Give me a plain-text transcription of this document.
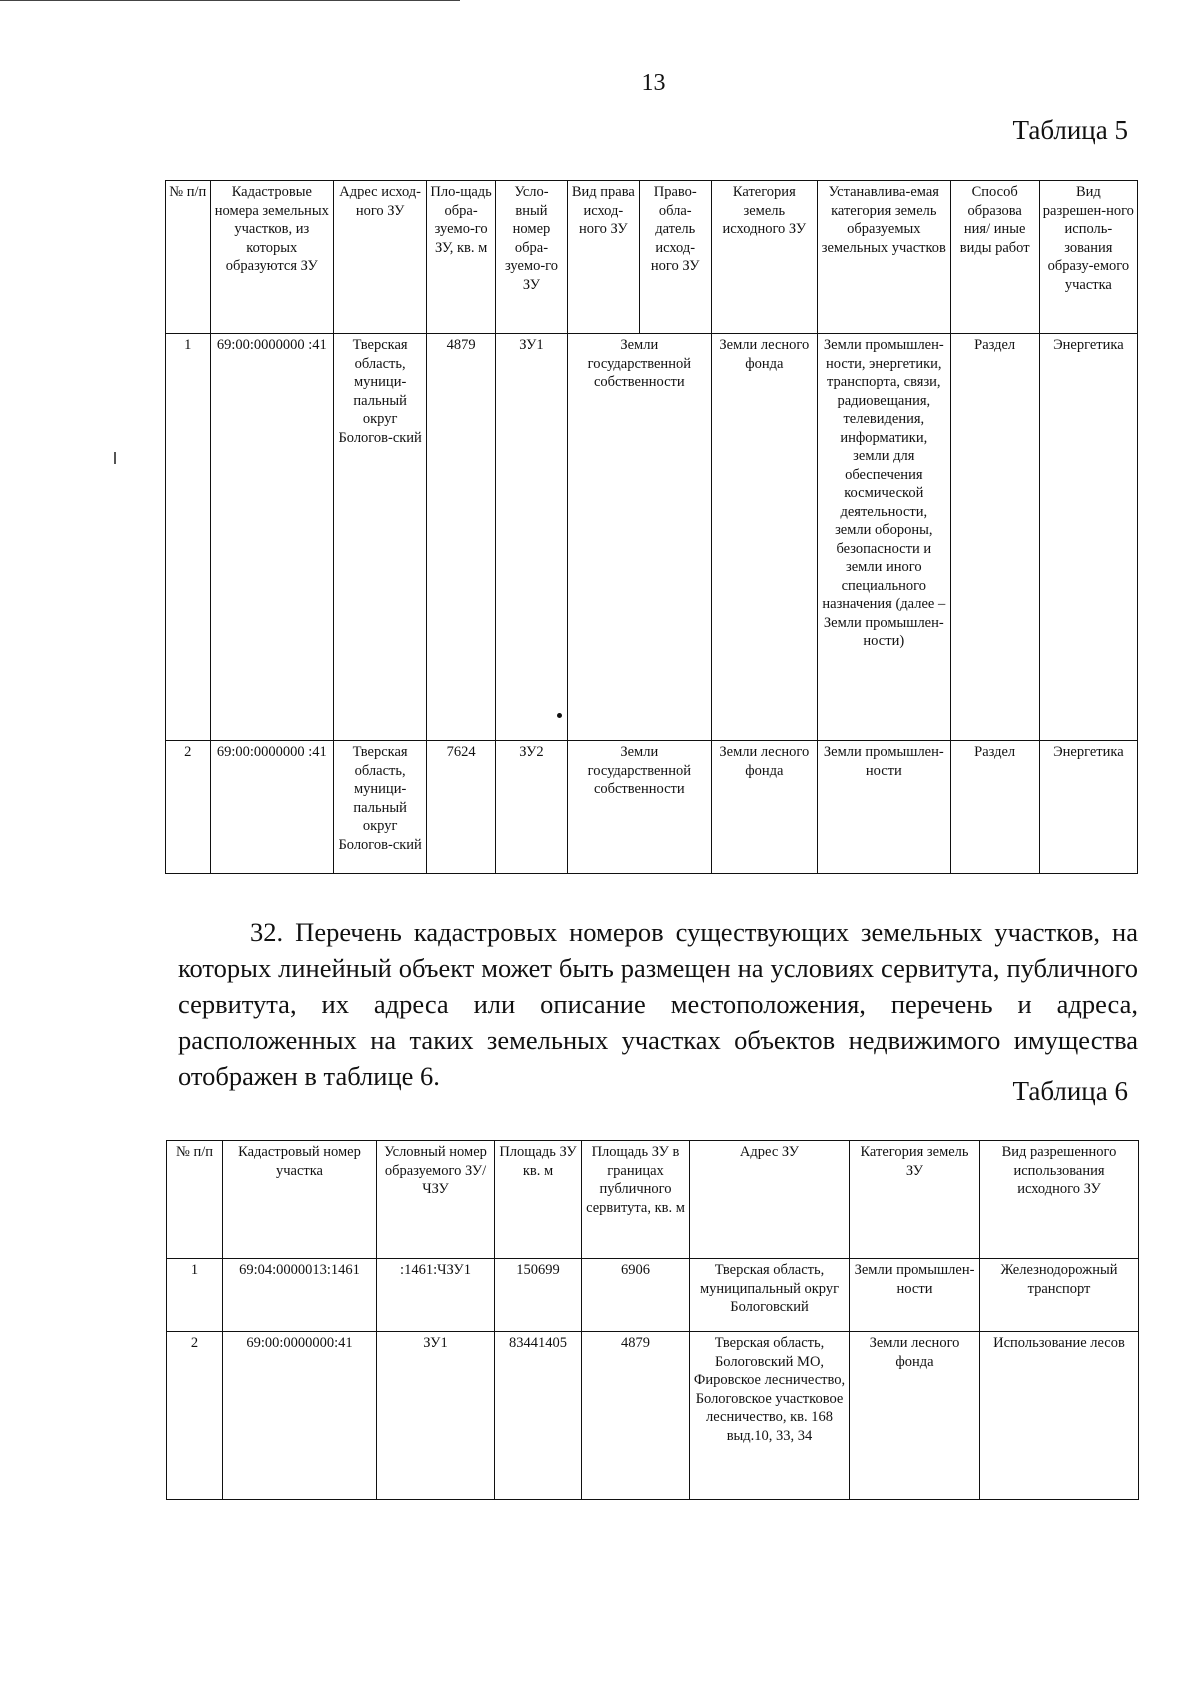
13
Таблица 5
№ п/п	Кадастровые номера земельных участков, из которых образуются ЗУ	Адрес исход-ного ЗУ	Пло-щадь обра-зуемо-го ЗУ, кв. м	Усло-вный номер обра-зуемо-го ЗУ	Вид права исход-ного ЗУ	Право-обла-датель исход-ного ЗУ	Категория земель исходного ЗУ	Устанавлива-емая категория земель образуемых земельных участков	Способ образова ния/ иные виды работ	Вид разрешен-ного исполь-зования образу-емого участка
1	69:00:0000000 :41	Тверская область, муници-пальный округ Бологов-ский	4879	ЗУ1	Земли государственной собственности		Земли лесного фонда	Земли промышлен-ности, энергетики, транспорта, связи, радиовещания, телевидения, информатики, земли для обеспечения космической деятельности, земли обороны, безопасности и земли иного специального назначения (далее – Земли промышлен-ности)	Раздел	Энергетика
2	69:00:0000000 :41	Тверская область, муници-пальный округ Бологов-ский	7624	ЗУ2	Земли государственной собственности		Земли лесного фонда	Земли промышлен-ности	Раздел	Энергетика
32. Перечень кадастровых номеров существующих земельных участков, на которых линейный объект может быть размещен на условиях сервитута, публичного сервитута, их адреса или описание местоположения, перечень и адреса, расположенных на таких земельных участках объектов недвижимого имущества отображен в таблице 6.	Таблица 6
№ п/п	Кадастровый номер участка	Условный номер образуемого ЗУ/ЧЗУ	Площадь ЗУ кв. м	Площадь ЗУ в границах публичного сервитута, кв. м	Адрес ЗУ	Категория земель ЗУ	Вид разрешенного использования исходного ЗУ
1	69:04:0000013:1461	:1461:ЧЗУ1	150699	6906	Тверская область, муниципальный округ Бологовский	Земли промышлен-ности	Железнодорожный транспорт
2	69:00:0000000:41	ЗУ1	83441405	4879	Тверская область, Бологовский МО, Фировское лесничество, Бологовское участковое лесничество, кв. 168 выд.10, 33, 34	Земли лесного фонда	Использование лесов
